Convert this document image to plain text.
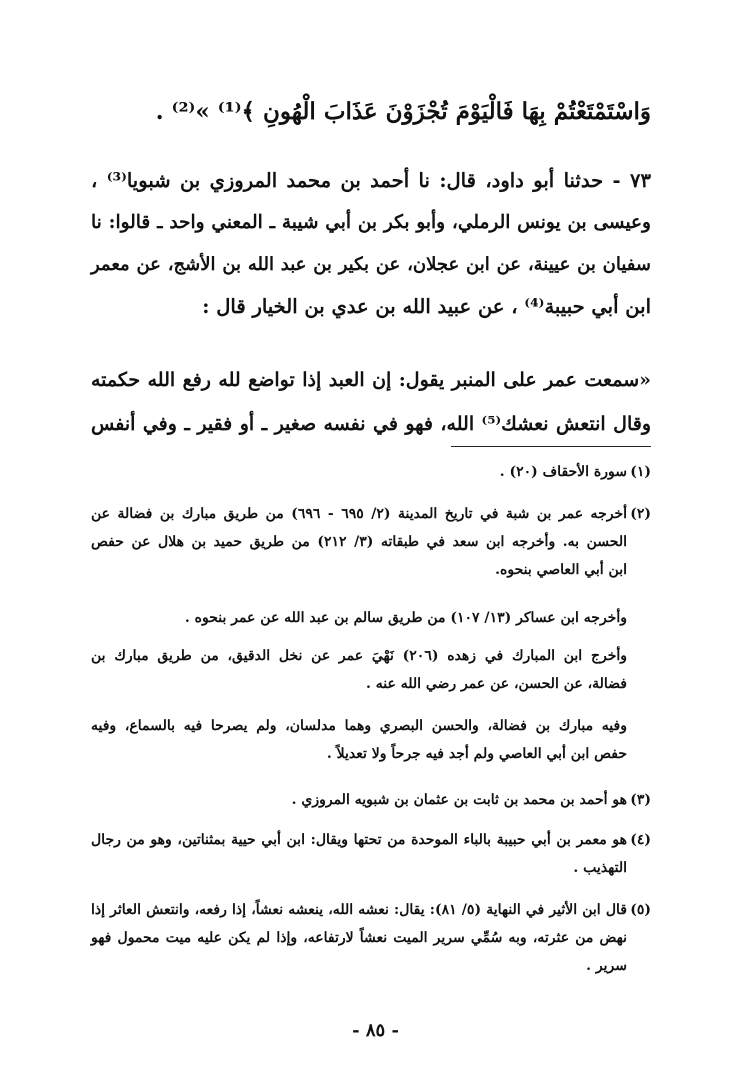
وَاسْتَمْتَعْتُمْ بِهَا فَالْيَوْمَ تُجْزَوْنَ عَذَابَ الْهُونِ ﴾⁽¹⁾ »⁽²⁾ .
٧٣ - حدثنا أبو داود، قال: نا أحمد بن محمد المروزي بن شبويا⁽³⁾ ،
وعيسى بن يونس الرملي، وأبو بكر بن أبي شيبة ـ المعني واحد ـ قالوا: نا
سفيان بن عيينة، عن ابن عجلان، عن بكير بن عبد الله بن الأشج، عن معمر
ابن أبي حبيبة⁽⁴⁾ ، عن عبيد الله بن عدي بن الخيار قال :
«سمعت عمر على المنبر يقول: إن العبد إذا تواضع لله رفع الله حكمته
وقال انتعش نعشك⁽⁵⁾ الله، فهو في نفسه صغير ـ أو فقير ـ وفي أنفس
(١)سورة الأحقاف (٢٠) .
(٢)أخرجه عمر بن شبة في تاريخ المدينة (٢/ ٦٩٥ - ٦٩٦) من طريق مبارك بن فضالة عن
الحسن به. وأخرجه ابن سعد في طبقاته (٣/ ٢١٢) من طريق حميد بن هلال عن حفص
ابن أبي العاصي بنحوه.
وأخرجه ابن عساكر (١٣/ ١٠٧) من طريق سالم بن عبد الله عن عمر بنحوه .
وأخرج ابن المبارك في زهده (٢٠٦) نَهْيَ عمر عن نخل الدقيق، من طريق مبارك بن
فضالة، عن الحسن، عن عمر رضي الله عنه .
وفيه مبارك بن فضالة، والحسن البصري وهما مدلسان، ولم يصرحا فيه بالسماع، وفيه
حفص ابن أبي العاصي ولم أجد فيه جرحاً ولا تعديلاً .
(٣)هو أحمد بن محمد بن ثابت بن عثمان بن شبويه المروزي .
(٤)هو معمر بن أبي حبيبة بالباء الموحدة من تحتها ويقال: ابن أبي حيية بمثناتين، وهو من رجال
التهذيب .
(٥)قال ابن الأثير في النهاية (٥/ ٨١): يقال: نعشه الله، ينعشه نعشاً، إذا رفعه، وانتعش العاثر إذا
نهض من عثرته، وبه سُمِّي سرير الميت نعشاً لارتفاعه، وإذا لم يكن عليه ميت محمول فهو
سرير .
- ٨٥ -
